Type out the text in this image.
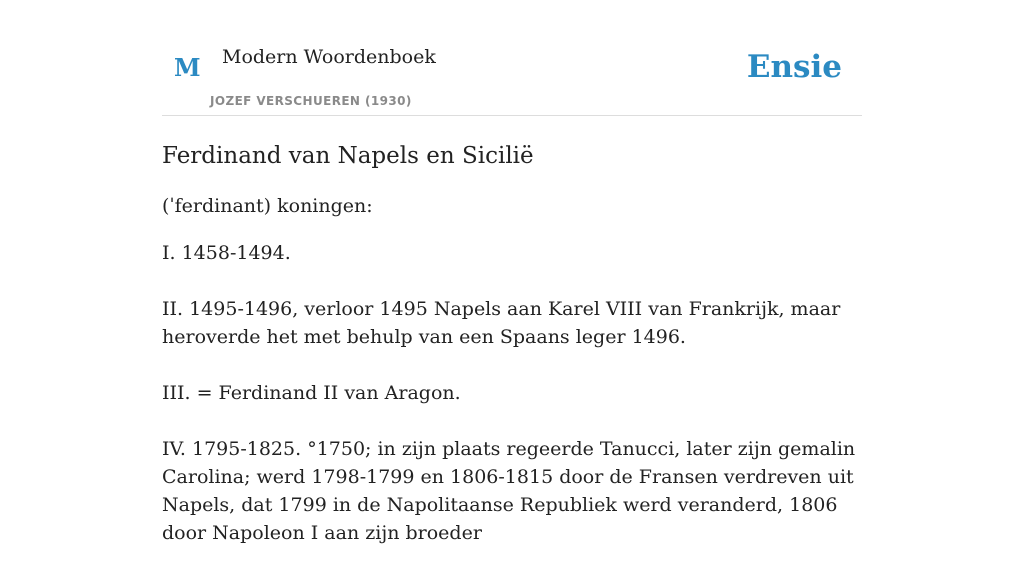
M Modern Woordenboek
JOZEF VERSCHUEREN (1930)
Ensie
Ferdinand van Napels en Sicilië

(ˈferdinant) koningen:

I. 1458-1494.

II. 1495-1496, verloor 1495 Napels aan Karel VIII van Frankrijk, maar heroverde het met behulp van een Spaans leger 1496.

III. = Ferdinand II van Aragon.

IV. 1795-1825. °1750; in zijn plaats regeerde Tanucci, later zijn gemalin Carolina; werd 1798-1799 en 1806-1815 door de Fransen verdreven uit Napels, dat 1799 in de Napolitaanse Republiek werd veranderd, 1806 door Napoleon I aan zijn broeder
